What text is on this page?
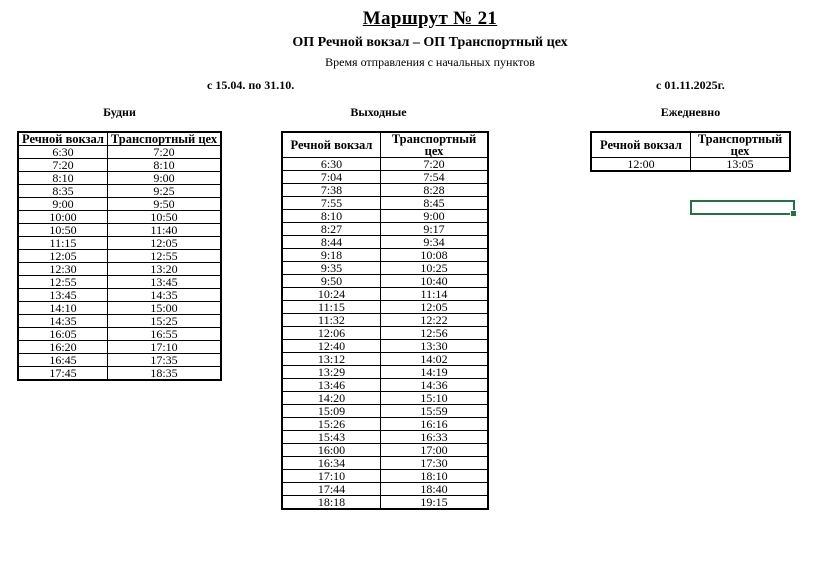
Маршрут № 21
ОП Речной вокзал – ОП Транспортный цех
Время отправления с начальных пунктов
с 15.04. по 31.10.	с 01.11.2025г.
Будни	Выходные	Ежедневно
Речной вокзал	Транспортный цех
6:30	7:20
7:20	8:10
8:10	9:00
8:35	9:25
9:00	9:50
10:00	10:50
10:50	11:40
11:15	12:05
12:05	12:55
12:30	13:20
12:55	13:45
13:45	14:35
14:10	15:00
14:35	15:25
16:05	16:55
16:20	17:10
16:45	17:35
17:45	18:35
Речной вокзал	Транспортный цех
6:30	7:20
7:04	7:54
7:38	8:28
7:55	8:45
8:10	9:00
8:27	9:17
8:44	9:34
9:18	10:08
9:35	10:25
9:50	10:40
10:24	11:14
11:15	12:05
11:32	12:22
12:06	12:56
12:40	13:30
13:12	14:02
13:29	14:19
13:46	14:36
14:20	15:10
15:09	15:59
15:26	16:16
15:43	16:33
16:00	17:00
16:34	17:30
17:10	18:10
17:44	18:40
18:18	19:15
Речной вокзал	Транспортный цех
12:00	13:05
